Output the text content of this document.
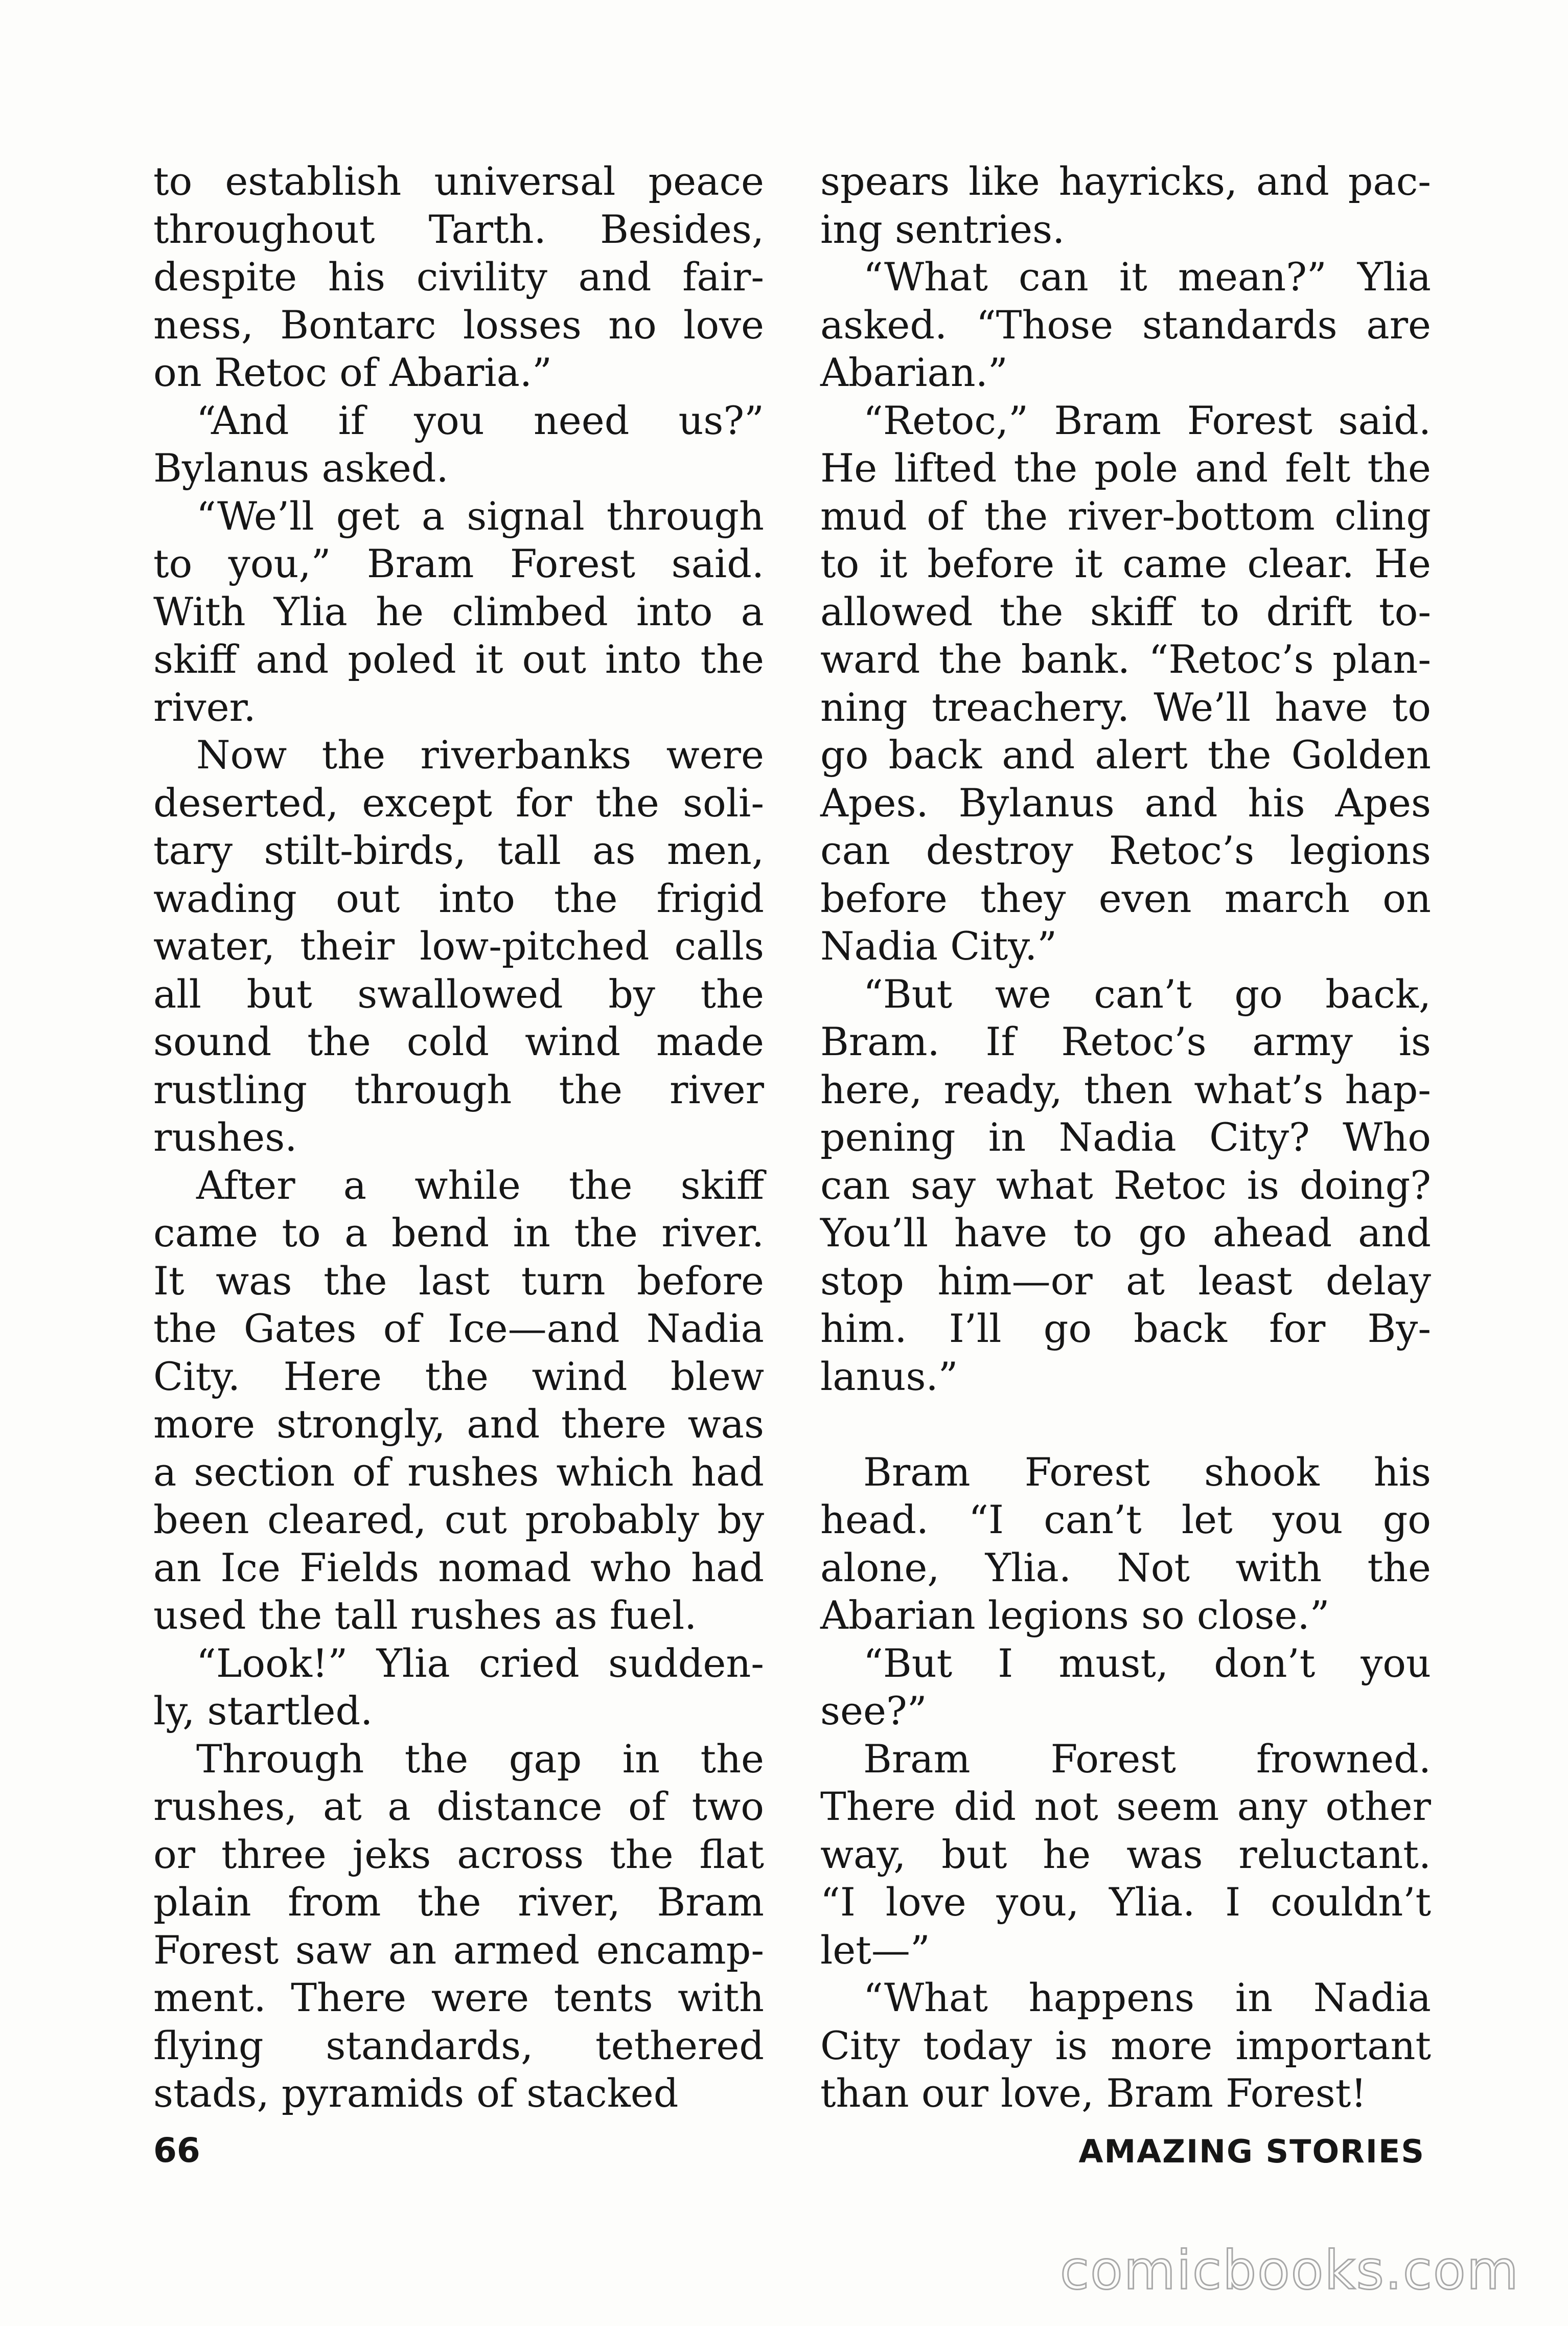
to establish universal peace
throughout Tarth. Besides,
despite his civility and fair-
ness, Bontarc losses no love
on Retoc of Abaria.”
“And if you need us?”
Bylanus asked.
“We’ll get a signal through
to you,” Bram Forest said.
With Ylia he climbed into a
skiff and poled it out into the
river.
Now the riverbanks were
deserted, except for the soli-
tary stilt-birds, tall as men,
wading out into the frigid
water, their low-pitched calls
all but swallowed by the
sound the cold wind made
rustling through the river
rushes.
After a while the skiff
came to a bend in the river.
It was the last turn before
the Gates of Ice—and Nadia
City. Here the wind blew
more strongly, and there was
a section of rushes which had
been cleared, cut probably by
an Ice Fields nomad who had
used the tall rushes as fuel.
“Look!” Ylia cried sudden-
ly, startled.
Through the gap in the
rushes, at a distance of two
or three jeks across the flat
plain from the river, Bram
Forest saw an armed encamp-
ment. There were tents with
flying standards, tethered
stads, pyramids of stacked
spears like hayricks, and pac-
ing sentries.
“What can it mean?” Ylia
asked. “Those standards are
Abarian.”
“Retoc,” Bram Forest said.
He lifted the pole and felt the
mud of the river-bottom cling
to it before it came clear. He
allowed the skiff to drift to-
ward the bank. “Retoc’s plan-
ning treachery. We’ll have to
go back and alert the Golden
Apes. Bylanus and his Apes
can destroy Retoc’s legions
before they even march on
Nadia City.”
“But we can’t go back,
Bram. If Retoc’s army is
here, ready, then what’s hap-
pening in Nadia City? Who
can say what Retoc is doing?
You’ll have to go ahead and
stop him—or at least delay
him. I’ll go back for By-
lanus.”
Bram Forest shook his
head. “I can’t let you go
alone, Ylia. Not with the
Abarian legions so close.”
“But I must, don’t you
see?”
Bram Forest frowned.
There did not seem any other
way, but he was reluctant.
“I love you, Ylia. I couldn’t
let—”
“What happens in Nadia
City today is more important
than our love, Bram Forest!
66	AMAZING STORIES
comicbooks.com
